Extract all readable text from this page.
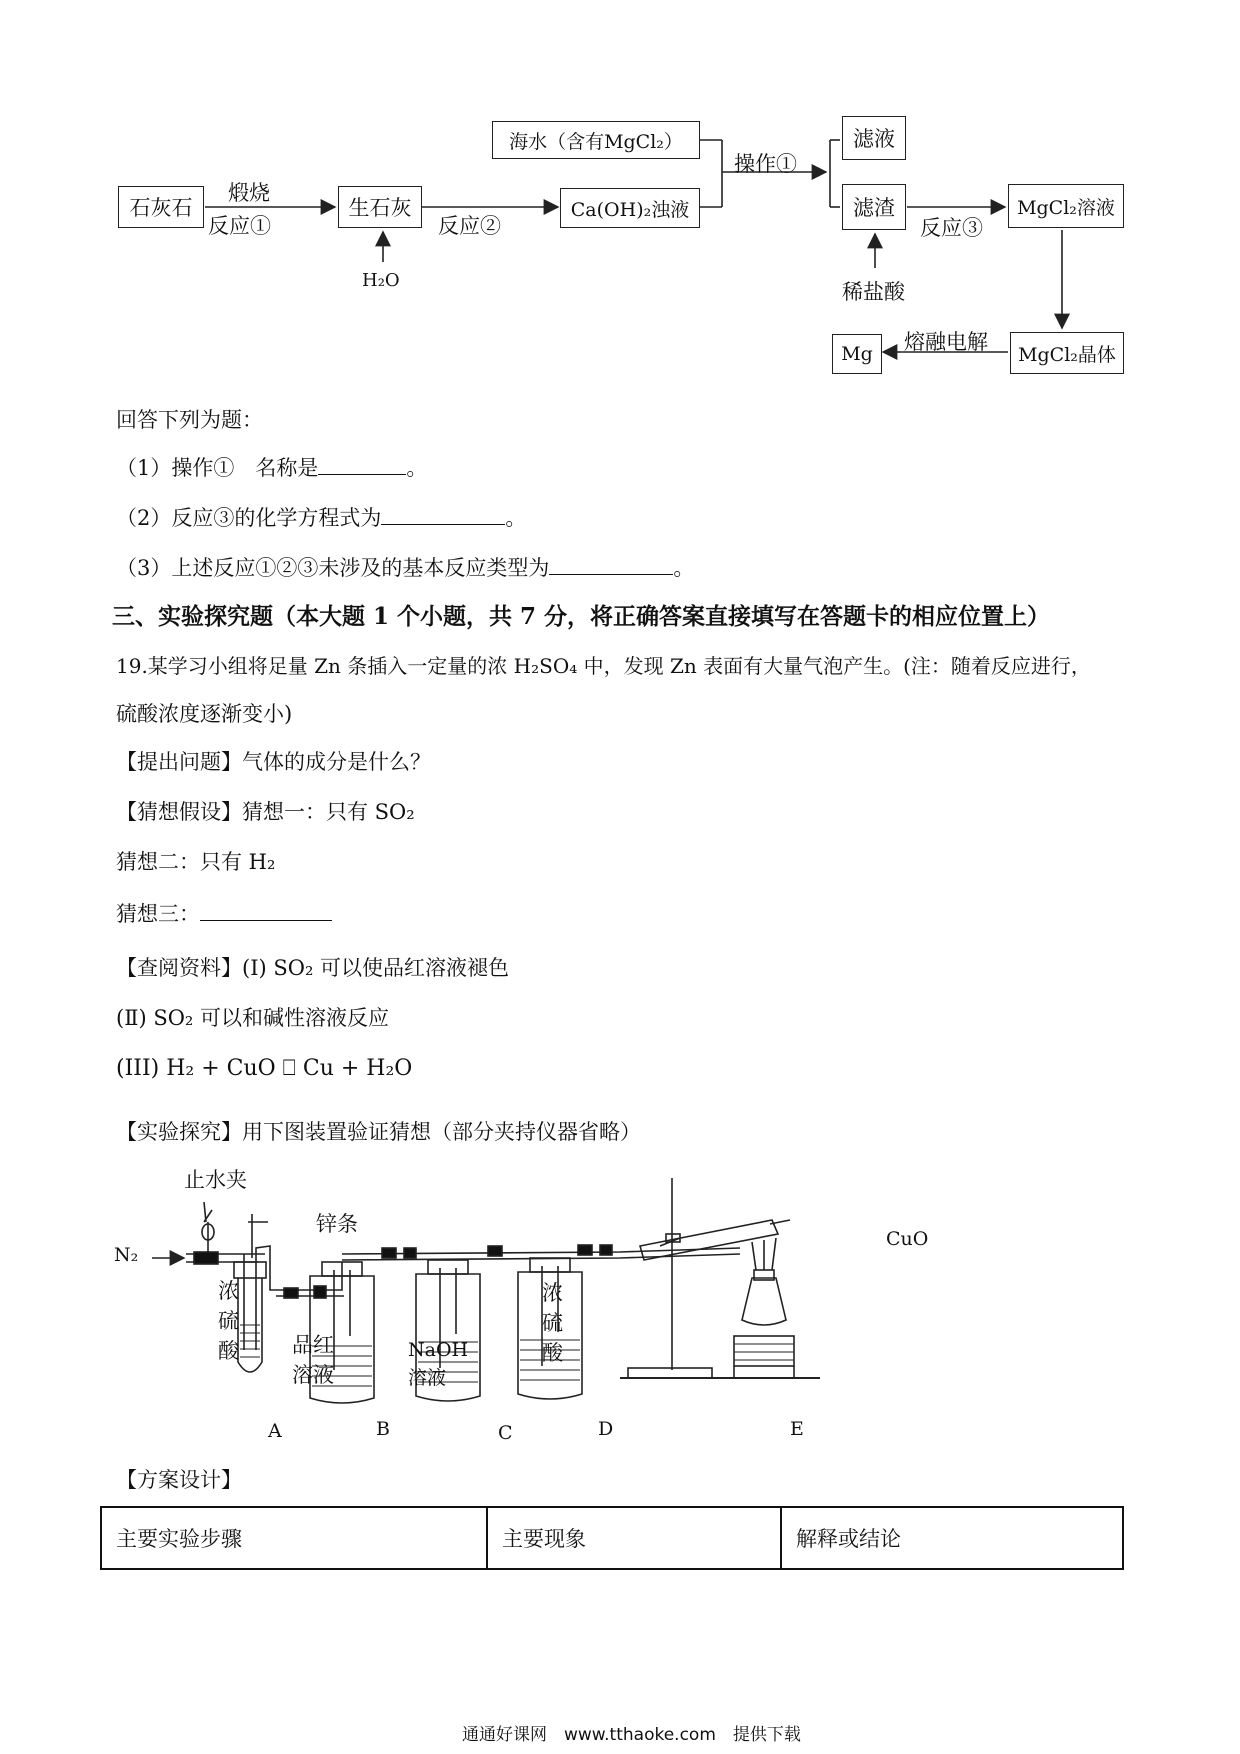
石灰石
煅烧
反应①
生石灰
H₂O
反应②
Ca(OH)₂浊液
海水（含有MgCl₂）
操作①
滤液
滤渣
稀盐酸
反应③
MgCl₂溶液
MgCl₂晶体
熔融电解
Mg
回答下列为题：
（1）操作①　名称是	。
（2）反应③的化学方程式为	。
（3）上述反应①②③未涉及的基本反应类型为	。
三、实验探究题（本大题 1 个小题，共 7 分，将正确答案直接填写在答题卡的相应位置上）
19.某学习小组将足量 Zn 条插入一定量的浓 H₂SO₄ 中，发现 Zn 表面有大量气泡产生。(注：随着反应进行，
硫酸浓度逐渐变小)
【提出问题】气体的成分是什么？
【猜想假设】猜想一：只有 SO₂
猜想二：只有 H₂
猜想三：
【查阅资料】(Ⅰ) SO₂ 可以使品红溶液褪色
(Ⅱ) SO₂ 可以和碱性溶液反应
(III) H₂ + CuO ⎕ Cu + H₂O
【实验探究】用下图装置验证猜想（部分夹持仪器省略）
止水夹
锌条
N₂
浓
硫
酸	品红
溶液
NaOH
溶液
浓
硫
酸
CuO
A	B	C	D	E
【方案设计】
主要实验步骤	主要现象	解释或结论
通通好课网　www.tthaoke.com　提供下载
